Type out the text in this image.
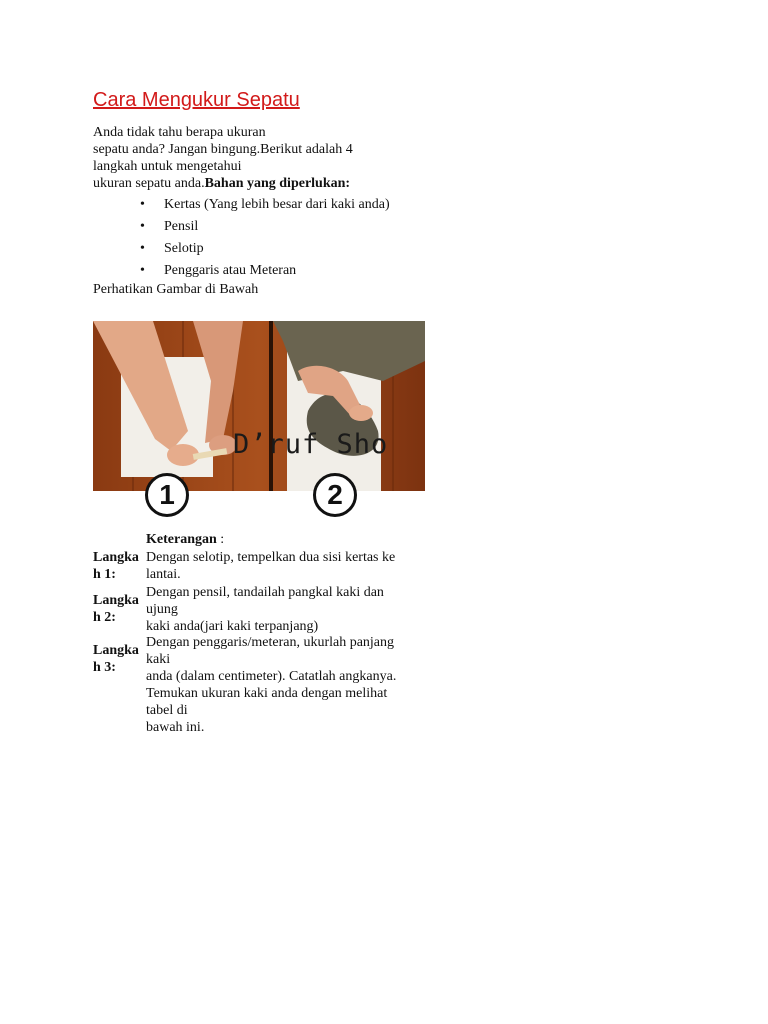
Cara Mengukur Sepatu
Anda tidak tahu berapa ukuran
sepatu anda? Jangan bingung.Berikut adalah 4
langkah untuk mengetahui
ukuran sepatu anda.Bahan yang diperlukan:
• Kertas (Yang lebih besar dari kaki anda)
• Pensil
• Selotip
• Penggaris atau Meteran
Perhatikan Gambar di Bawah
D’ruf Sho
1	2
Keterangan :
Langkah 1:
Dengan selotip, tempelkan dua sisi kertas ke
lantai.
Langkah 2:
Dengan pensil, tandailah pangkal kaki dan
ujung
kaki anda(jari kaki terpanjang)
Langkah 3:
Dengan penggaris/meteran, ukurlah panjang
kaki
anda (dalam centimeter). Catatlah angkanya.
Temukan ukuran kaki anda dengan melihat
tabel di
bawah ini.
